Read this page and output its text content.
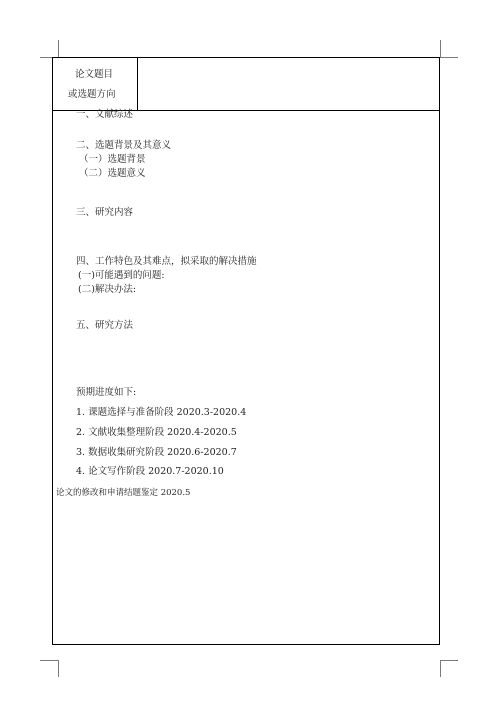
论文题目
或选题方向
一、文献综述
二、选题背景及其意义
（一）选题背景
（二）选题意义
三、研究内容
四、工作特色及其难点，拟采取的解决措施
(一)可能遇到的问题:
(二)解决办法:
五、研究方法
预期进度如下:
1. 课题选择与准备阶段 2020.3-2020.4
2. 文献收集整理阶段 2020.4-2020.5
3. 数据收集研究阶段 2020.6-2020.7
4. 论文写作阶段 2020.7-2020.10
论文的修改和申请结题鉴定 2020.5
